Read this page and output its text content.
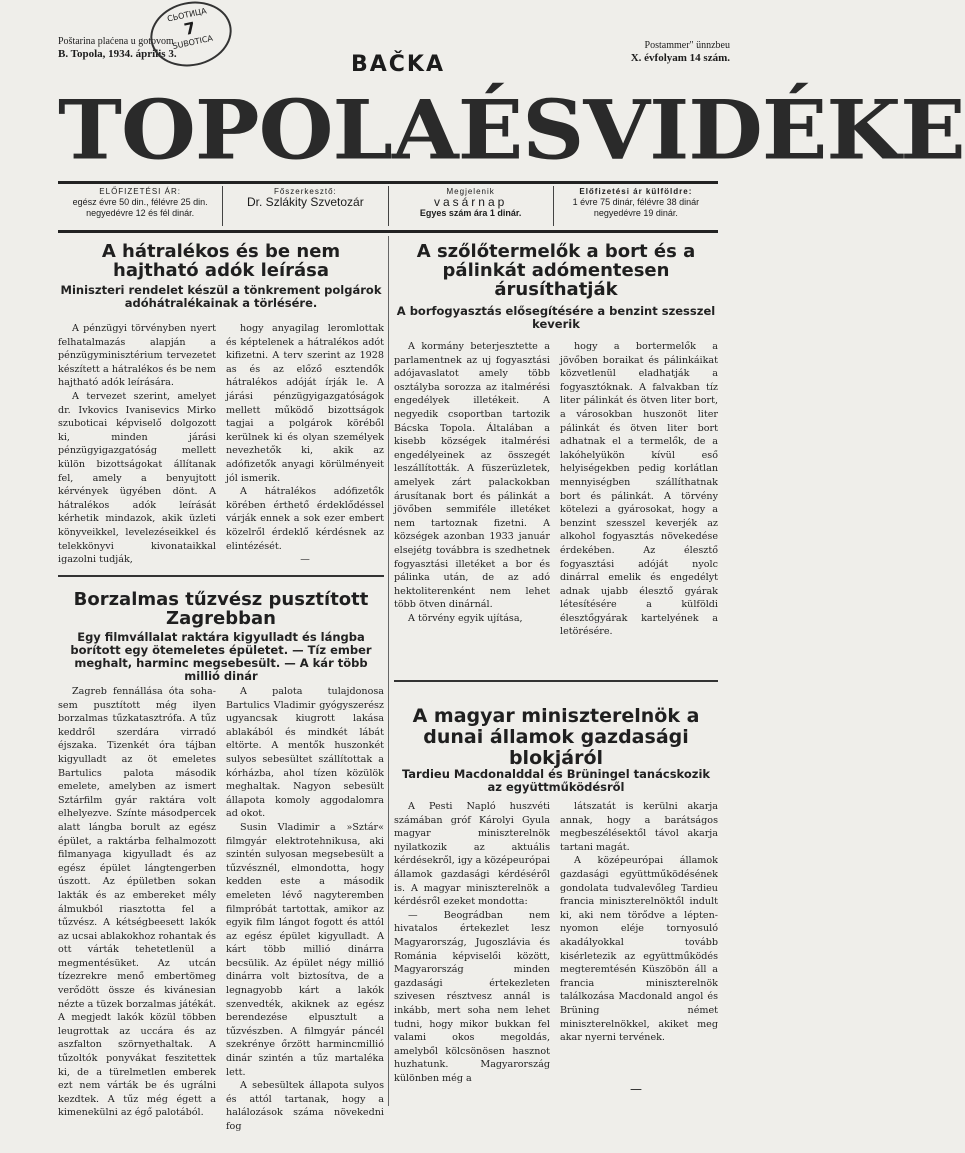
Poštarina plaćena u gotovom
B. Topola, 1934. április 3.
CЬOTИЦА
7
SUBOTICA	Postammer" ünnzbeu
X. évfolyam 14 szám.
BAČKA
TOPOLA ÉS VIDÉKE
ELŐFIZETÉSI ÁR:
egész évre 50 din., félévre 25 din. negyedévre 12 és fél dinár.
Főszerkesztő:
Dr. Szlákity Szvetozár
Megjelenik
vasárnap
Egyes szám ára 1 dinár.
Előfizetési ár külföldre:
1 évre 75 dinár, félévre 38 dinár negyedévre 19 dinár.
A hátralékos és be nem hajtható adók leírása
Miniszteri rendelet készül a tönkrement polgárok adóhátralékainak a törlésére.

A pénzügyi törvényben nyert felhatalmazás alapján a pénzügyminisztérium tervezetet készített a hátralékos és be nem hajtható adók leírására.

A tervezet szerint, amelyet dr. Ivkovics Ivanisevics Mirko szuboticai képviselő dolgozott ki, minden járási pénzügyigazgatóság mellett külön bizottságokat állítanak fel, amely a benyujtott kérvények ügyében dönt. A hátralékos adók leírását kérhetik mindazok, akik üzleti könyveikkel, levelezéseikkel és telekkönyvi kivonataikkal igazolni tudják,

hogy anyagilag leromlottak és képtelenek a hátralékos adót kifizetni. A terv szerint az 1928 as és az előző esztendők hátralékos adóját írják le. A járási pénzügyigazgatóságok mellett működő bizottságok tagjai a polgárok köréből kerülnek ki és olyan személyek nevezhetők ki, akik az adófizetők anyagi körülményeit jól ismerik.

A hátralékos adófizetők körében érthető érdeklődéssel várják ennek a sok ezer embert közelről érdeklő kérdésnek az elintézését.

—

Borzalmas tűzvész pusztított Zagrebban
Egy filmvállalat raktára kigyulladt és lángba borított egy ötemeletes épületet. — Tíz ember meghalt, harminc megsebesült. — A kár több millió dinár

Zagreb fennállása óta sohasem pusztított még ilyen borzalmas tűzkatasztrófa. A tűz keddről szerdára virradó éjszaka. Tizenkét óra tájban kigyulladt az öt emeletes Bartulics palota második emelete, amelyben az ismert Sztárfilm gyár raktára volt elhelyezve. Színte másodpercek alatt lángba borult az egész épület, a raktárba felhalmozott filmanyaga kigyulladt és az egész épület lángtengerben úszott. Az épületben sokan lakták és az embereket mély álmukból riasztotta fel a tűzvész. A kétségbeesett lakók az ucsai ablakokhoz rohantak és ott várták tehetetlenül a megmentésüket. Az utcán tízezrekre menő embertömeg verődött össze és kivánesian nézte a tüzek borzalmas játékát. A megjedt lakók közül többen leugrottak az uccára és az aszfalton szörnyethaltak. A tűzoltók ponyvákat feszitettek ki, de a türelmetlen emberek ezt nem várták be és ugrálni kezdtek. A tűz még égett a kimenekülni az égő palotából.

A palota tulajdonosa Bartulics Vladimir gyógyszerész ugyancsak kiugrott lakása ablakából és mindkét lábát eltörte. A mentők huszonkét sulyos sebesültet szállítottak a kórházba, ahol tízen közülök meghaltak. Nagyon sebesült állapota komoly aggodalomra ad okot.

Susin Vladimir a »Sztár« filmgyár elektrotehnikusa, aki szintén sulyosan megsebesült a tűzvésznél, elmondotta, hogy kedden este a második emeleten lévő nagyteremben filmpróbát tartottak, amikor az egyik film lángot fogott és attól az egész épület kigyulladt. A kárt több millió dinárra becsülik. Az épület négy millió dinárra volt biztosítva, de a legnagyobb kárt a lakók szenvedték, akiknek az egész berendezése elpusztult a tűzvészben. A filmgyár páncél szekrénye őrzött harmincmillió dinár szintén a tűz martaléka lett.

A sebesültek állapota sulyos és attól tartanak, hogy a halálozások száma növekedni fog

A szőlőtermelők a bort és a pálinkát adómentesen árusíthatják
A borfogyasztás elősegítésére a benzint szesszel keverik

A kormány beterjesztette a parlamentnek az uj fogyasztási adójavaslatot amely több osztályba sorozza az italmérési engedélyek illetékeit. A negyedik csoportban tartozik Bácska Topola. Általában a kisebb községek italmérési engedélyeinek az összegét leszállították. A füszerüzletek, amelyek zárt palackokban árusítanak bort és pálinkát a jövőben semmiféle illetéket nem tartoznak fizetni. A községek azonban 1933 január elsejétg továbbra is szedhetnek fogyasztási illetéket a bor és pálinka után, de az adó hektoliterenként nem lehet több ötven dinárnál.

A törvény egyik ujítása,

hogy a bortermelők a jövőben boraikat és pálinkáikat közvetlenül eladhatják a fogyasztóknak. A falvakban tíz liter pálinkát és ötven liter bort, a városokban huszonöt liter pálinkát és ötven liter bort adhatnak el a termelők, de a lakóhelyükön kívül eső helyiségekben pedig korlátlan mennyiségben szállíthatnak bort és pálinkát. A törvény kötelezi a gyárosokat, hogy a benzint szesszel keverjék az alkohol fogyasztás növekedése érdekében. Az élesztő fogyasztási adóját nyolc dinárral emelik és engedélyt adnak ujabb élesztő gyárak létesítésére a külföldi élesztőgyárak kartelyének a letörésére.

A magyar miniszterelnök a dunai államok gazdasági blokjáról
Tardieu Macdonalddal és Brüningel tanácskozik az együttműködésről

A Pesti Napló huszvéti számában gróf Károlyi Gyula magyar miniszterelnök nyilatkozik az aktuális kérdésekről, igy a középeurópai államok gazdasági kérdéséről is. A magyar miniszterelnök a kérdésről ezeket mondotta:

— Beográdban nem hivatalos értekezlet lesz Magyarország, Jugoszlávia és Románia képviselői között, Magyarország minden gazdasági értekezleten szivesen résztvesz annál is inkább, mert soha nem lehet tudni, hogy mikor bukkan fel valami okos megoldás, amelyből kölcsönösen hasznot huzhatunk. Magyarország különben még a

látszatát is kerülni akarja annak, hogy a barátságos megbeszélésektől távol akarja tartani magát.

A középeurópai államok gazdasági együttműködésének gondolata tudvalevőleg Tardieu francia miniszterelnöktől indult ki, aki nem törődve a lépten-nyomon eléje tornyosuló akadályokkal tovább kisérletezik az együttműködés megteremtésén Küszöbön áll a francia miniszterelnök találkozása Macdonald angol és Brüning német miniszterelnökkel, akiket meg akar nyerni tervének.

—
